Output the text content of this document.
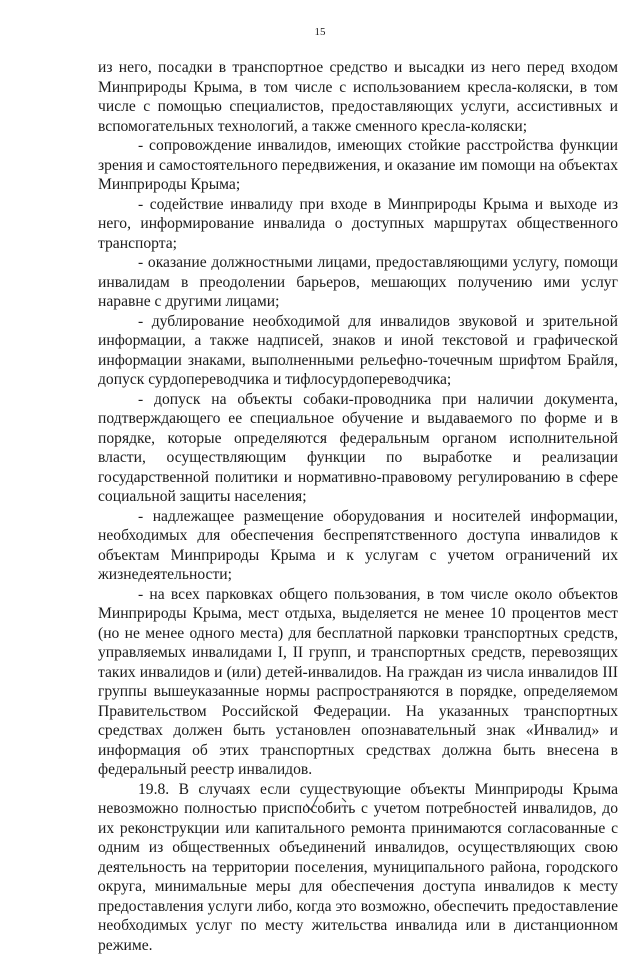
15

из него, посадки в транспортное средство и высадки из него перед входом Минприроды Крыма, в том числе с использованием кресла-коляски, в том числе с помощью специалистов, предоставляющих услуги, ассистивных и вспомогательных технологий, а также сменного кресла-коляски;

- сопровождение инвалидов, имеющих стойкие расстройства функции зрения и самостоятельного передвижения, и оказание им помощи на объектах Минприроды Крыма;

- содействие инвалиду при входе в Минприроды Крыма и выходе из него, информирование инвалида о доступных маршрутах общественного транспорта;

- оказание должностными лицами, предоставляющими услугу, помощи инвалидам в преодолении барьеров, мешающих получению ими услуг наравне с другими лицами;

- дублирование необходимой для инвалидов звуковой и зрительной информации, а также надписей, знаков и иной текстовой и графической информации знаками, выполненными рельефно-точечным шрифтом Брайля, допуск сурдопереводчика и тифлосурдопереводчика;

- допуск на объекты собаки-проводника при наличии документа, подтверждающего ее специальное обучение и выдаваемого по форме и в порядке, которые определяются федеральным органом исполнительной власти, осуществляющим функции по выработке и реализации государственной политики и нормативно-правовому регулированию в сфере социальной защиты населения;

- надлежащее размещение оборудования и носителей информации, необходимых для обеспечения беспрепятственного доступа инвалидов к объектам Минприроды Крыма и к услугам с учетом ограничений их жизнедеятельности;

- на всех парковках общего пользования, в том числе около объектов Минприроды Крыма, мест отдыха, выделяется не менее 10 процентов мест (но не менее одного места) для бесплатной парковки транспортных средств, управляемых инвалидами I, II групп, и транспортных средств, перевозящих таких инвалидов и (или) детей-инвалидов. На граждан из числа инвалидов III группы вышеуказанные нормы распространяются в порядке, определяемом Правительством Российской Федерации. На указанных транспортных средствах должен быть установлен опознавательный знак «Инвалид» и информация об этих транспортных средствах должна быть внесена в федеральный реестр инвалидов.

19.8. В случаях если существующие объекты Минприроды Крыма невозможно полностью приспособить с учетом потребностей инвалидов, до их реконструкции или капитального ремонта принимаются согласованные с одним из общественных объединений инвалидов, осуществляющих свою деятельность на территории поселения, муниципального района, городского округа, минимальные меры для обеспечения доступа инвалидов к месту предоставления услуги либо, когда это возможно, обеспечить предоставление необходимых услуг по месту жительства инвалида или в дистанционном режиме.
